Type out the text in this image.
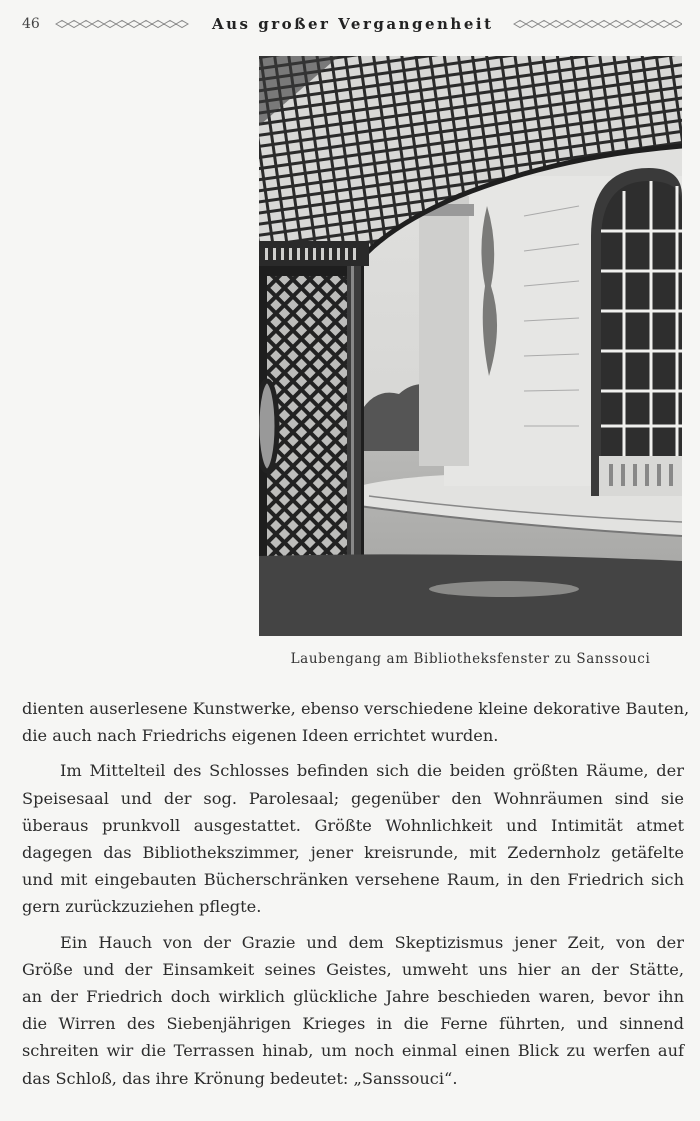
46	Aus großer Vergangenheit
Laubengang am Bibliotheksfenster zu Sanssouci

dienten auserlesene Kunstwerke, ebenso verschiedene kleine dekorative Bauten,
die auch nach Friedrichs eigenen Ideen errichtet wurden.

Im Mittelteil des Schlosses befinden sich die beiden größten Räume, der
Speisesaal und der sog. Parolesaal; gegenüber den Wohnräumen sind sie
überaus prunkvoll ausgestattet. Größte Wohnlichkeit und Intimität atmet
dagegen das Bibliothekszimmer, jener kreisrunde, mit Zedernholz getäfelte
und mit eingebauten Bücherschränken versehene Raum, in den Friedrich sich
gern zurückzuziehen pflegte.

Ein Hauch von der Grazie und dem Skeptizismus jener Zeit, von der
Größe und der Einsamkeit seines Geistes, umweht uns hier an der Stätte,
an der Friedrich doch wirklich glückliche Jahre beschieden waren, bevor ihn
die Wirren des Siebenjährigen Krieges in die Ferne führten, und sinnend
schreiten wir die Terrassen hinab, um noch einmal einen Blick zu werfen auf
das Schloß, das ihre Krönung bedeutet: „Sanssouci“.
